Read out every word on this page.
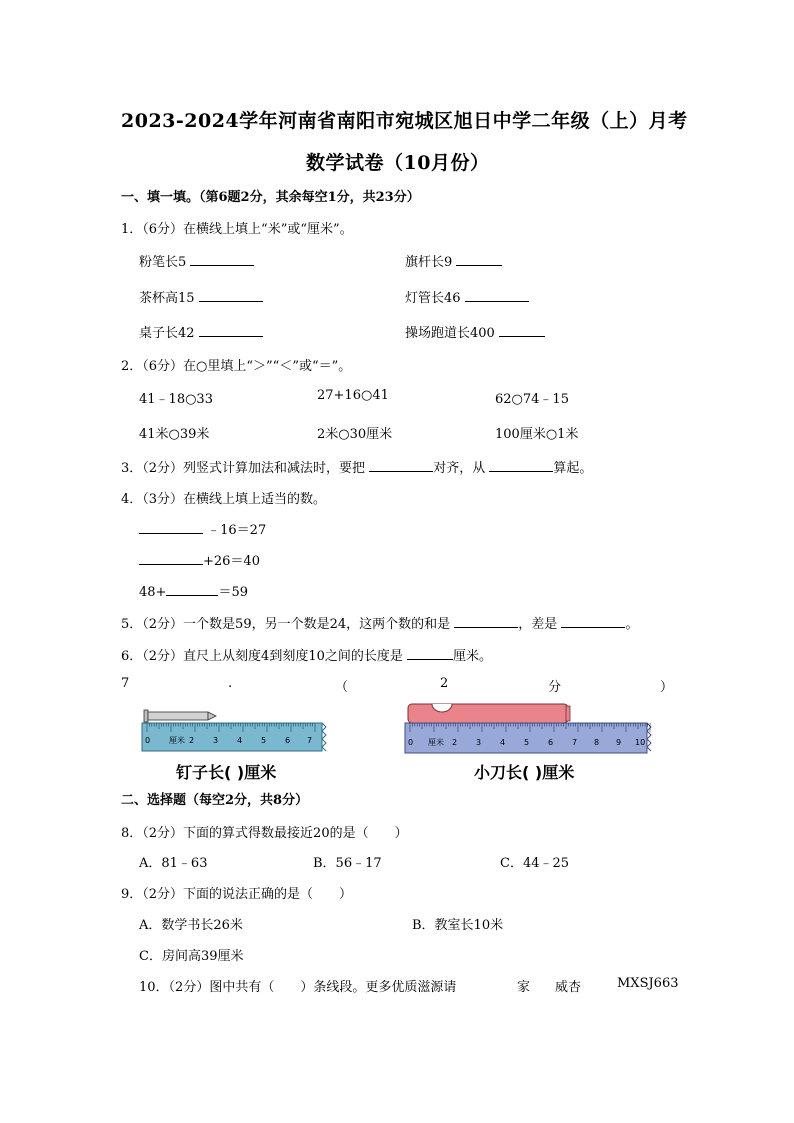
2023-2024学年河南省南阳市宛城区旭日中学二年级（上）月考
数学试卷（10月份）
一、填一填。（第6题2分，其余每空1分，共23分）
1．（6分）在横线上填上“米”或“厘米”。
粉笔长5	旗杆长9
茶杯高15	灯管长46
桌子长42	操场跑道长400
2．（6分）在○里填上“＞”“＜”或“＝”。
41﹣18○33	27+16○41	62○74﹣15
41米○39米	2米○30厘米	100厘米○1米
3．（2分）列竖式计算加法和减法时，要把	对齐，从	算起。
4．（3分）在横线上填上适当的数。
﹣16＝27
+26＝40
48+	＝59
5．（2分）一个数是59，另一个数是24，这两个数的和是	，差是	。
6．（2分）直尺上从刻度4到刻度10之间的长度是	厘米。
7	.	（	2	分	）
0 厘米 2 3 4 5 6 7
钉子长( )厘米
0 厘米 2 3 4 5 6 7 8 9 10
小刀长( )厘米
二、选择题（每空2分，共8分）
8．（2分）下面的算式得数最接近20的是（　　）
A．81﹣63	B．56﹣17	C．44﹣25
9．（2分）下面的说法正确的是（　　）
A．数学书长26米	B．教室长10米
C．房间高39厘米
10．（2分）图中共有（　　）条线段。更多优质滋源请	家 威杏	MXSJ663
